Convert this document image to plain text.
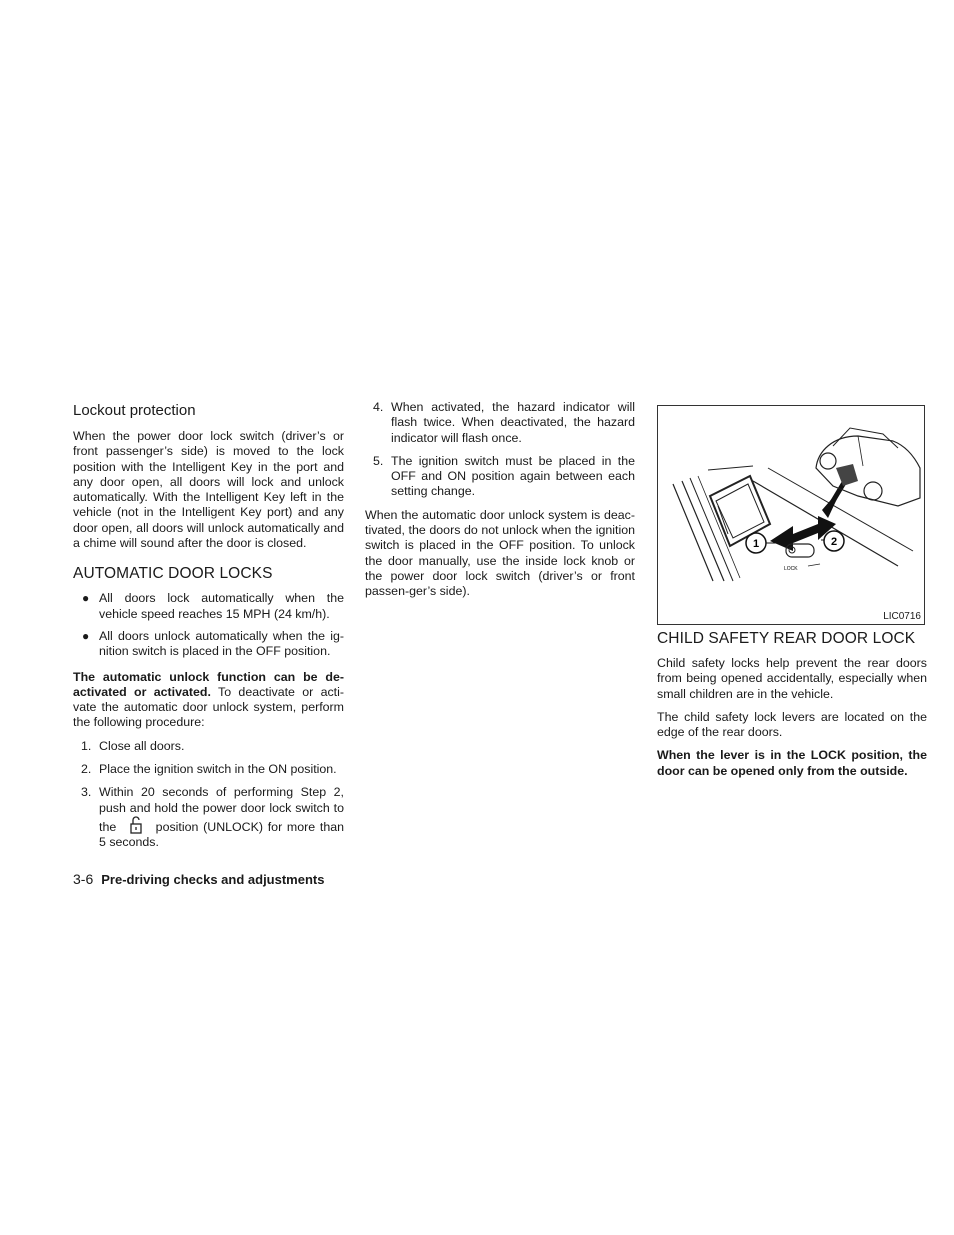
Lockout protection

When the power door lock switch (driver’s or front passenger’s side) is moved to the lock position with the Intelligent Key in the port and any door open, all doors will lock and unlock automatically. With the Intelligent Key left in the vehicle (not in the Intelligent Key port) and any door open, all doors will unlock automatically and a chime will sound after the door is closed.

AUTOMATIC DOOR LOCKS
● All doors lock automatically when the vehicle speed reaches 15 MPH (24 km/h).
● All doors unlock automatically when the ig-nition switch is placed in the OFF position.

The automatic unlock function can be de-activated or activated. To deactivate or acti-vate the automatic door unlock system, perform the following procedure:

1. Close all doors.
2. Place the ignition switch in the ON position.
3. Within 20 seconds of performing Step 2, push and hold the power door lock switch to the  position (UNLOCK) for more than 5 seconds.
4. When activated, the hazard indicator will flash twice. When deactivated, the hazard indicator will flash once.
5. The ignition switch must be placed in the OFF and ON position again between each setting change.

When the automatic door unlock system is deac-tivated, the doors do not unlock when the ignition switch is placed in the OFF position. To unlock the door manually, use the inside lock knob or the power door lock switch (driver’s or front passen-ger’s side).

1	2
LOCK
LIC0716
CHILD SAFETY REAR DOOR LOCK

Child safety locks help prevent the rear doors from being opened accidentally, especially when small children are in the vehicle.

The child safety lock levers are located on the edge of the rear doors.

When the lever is in the LOCK position, the door can be opened only from the outside.

3-6 Pre-driving checks and adjustments
